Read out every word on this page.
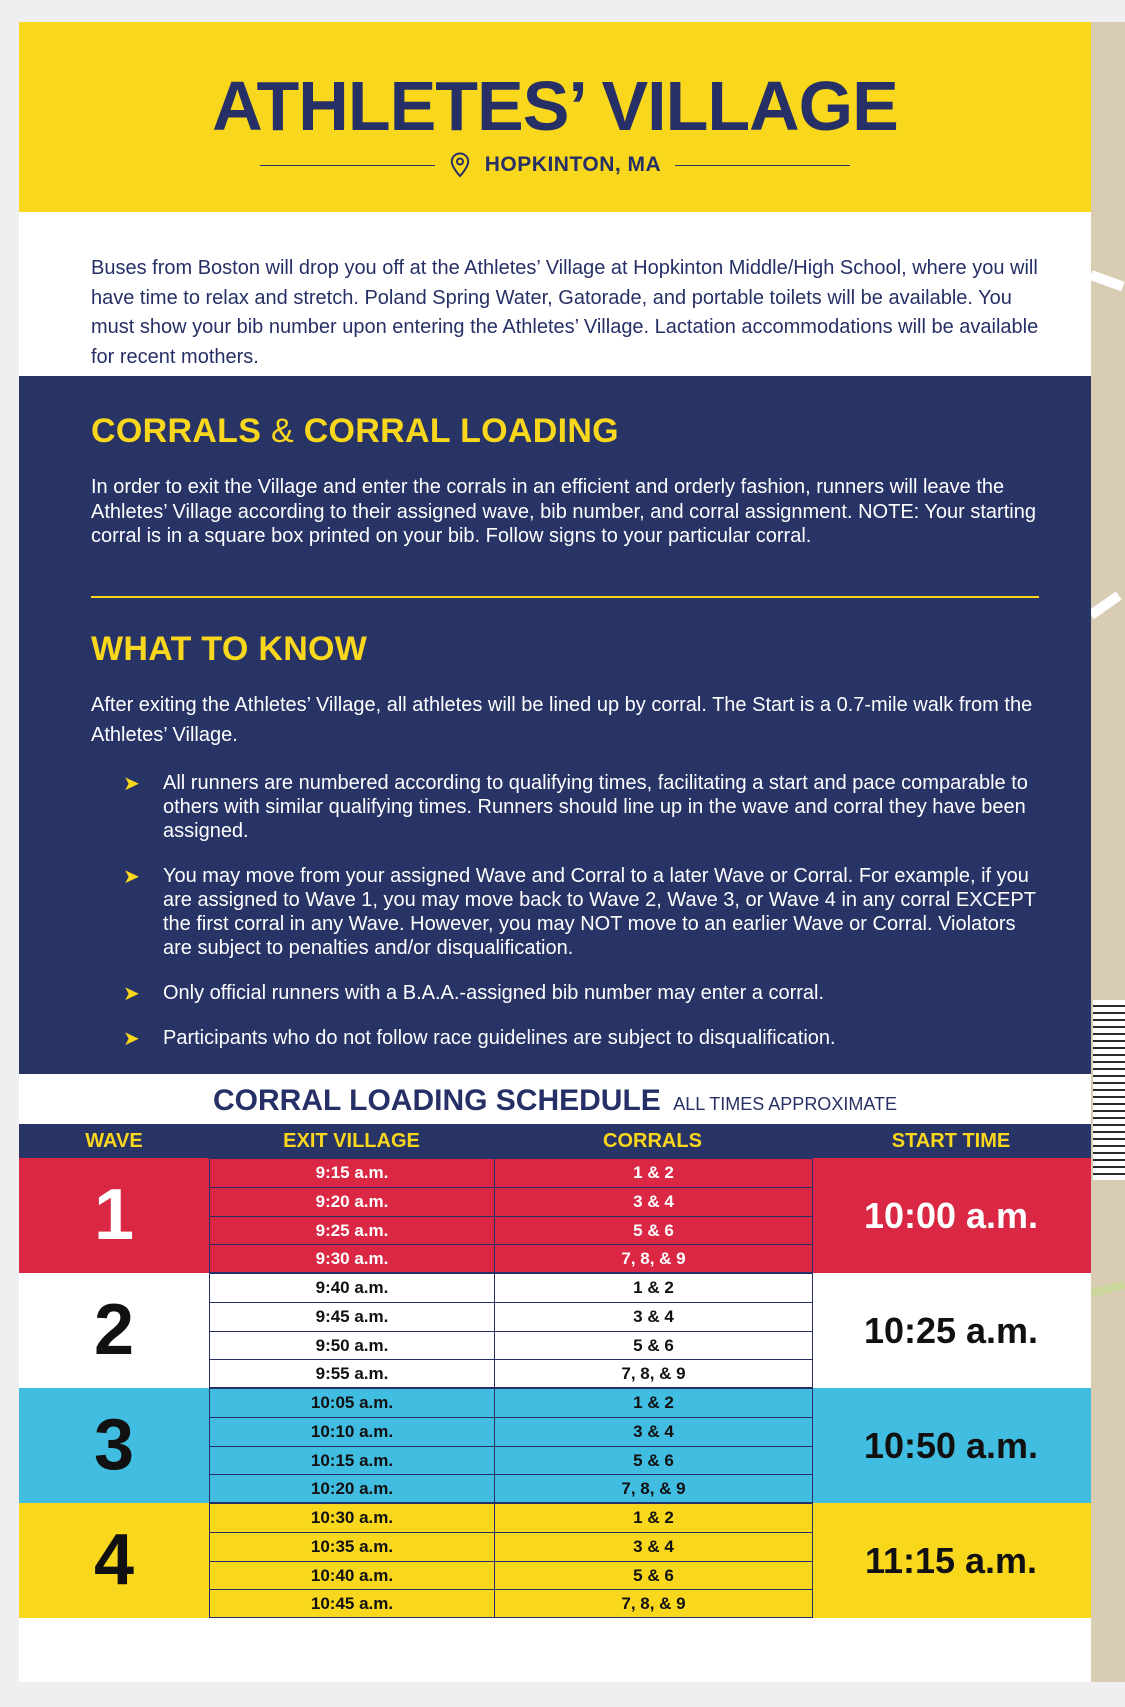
ATHLETES’ VILLAGE
HOPKINTON, MA

Buses from Boston will drop you off at the Athletes’ Village at Hopkinton Middle/High School, where you will have time to relax and stretch. Poland Spring Water, Gatorade, and portable toilets will be available. You must show your bib number upon entering the Athletes’ Village. Lactation accommodations will be available for recent mothers.

CORRALS & CORRAL LOADING

In order to exit the Village and enter the corrals in an efficient and orderly fashion, runners will leave the Athletes’ Village according to their assigned wave, bib number, and corral assignment. NOTE: Your starting corral is in a square box printed on your bib. Follow signs to your particular corral.

WHAT TO KNOW

After exiting the Athletes’ Village, all athletes will be lined up by corral. The Start is a 0.7-mile walk from the Athletes’ Village.

➤ All runners are numbered according to qualifying times, facilitating a start and pace comparable to others with similar qualifying times. Runners should line up in the wave and corral they have been assigned.
➤ You may move from your assigned Wave and Corral to a later Wave or Corral. For example, if you are assigned to Wave 1, you may move back to Wave 2, Wave 3, or Wave 4 in any corral EXCEPT the first corral in any Wave. However, you may NOT move to an earlier Wave or Corral. Violators are subject to penalties and/or disqualification.
➤ Only official runners with a B.A.A.-assigned bib number may enter a corral.
➤ Participants who do not follow race guidelines are subject to disqualification.
CORRAL LOADING SCHEDULE ALL TIMES APPROXIMATE
WAVE	EXIT VILLAGE	CORRALS	START TIME
1
9:15 a.m.	1 & 2
9:20 a.m.	3 & 4
9:25 a.m.	5 & 6
9:30 a.m.	7, 8, & 9
10:00 a.m.
2
9:40 a.m.	1 & 2
9:45 a.m.	3 & 4
9:50 a.m.	5 & 6
9:55 a.m.	7, 8, & 9
10:25 a.m.
3
10:05 a.m.	1 & 2
10:10 a.m.	3 & 4
10:15 a.m.	5 & 6
10:20 a.m.	7, 8, & 9
10:50 a.m.
4
10:30 a.m.	1 & 2
10:35 a.m.	3 & 4
10:40 a.m.	5 & 6
10:45 a.m.	7, 8, & 9
11:15 a.m.
